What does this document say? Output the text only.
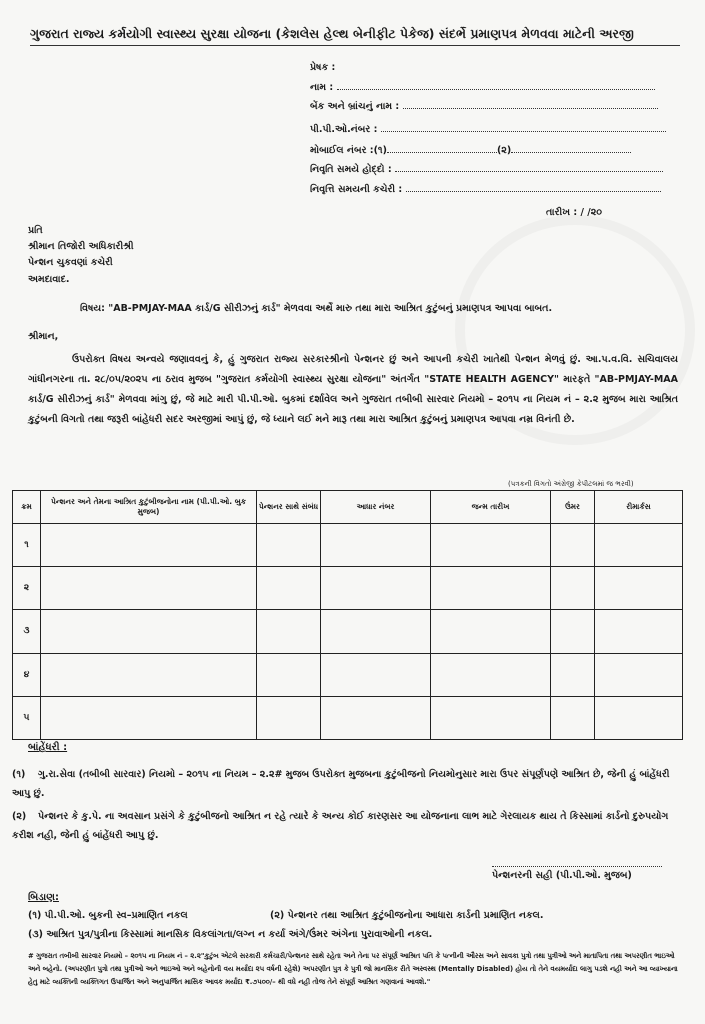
ગુજરાત રાજ્ય કર્મયોગી સ્વાસ્થ્ય સુરક્ષા યોજના (કેશલેસ હેલ્થ બેનીફીટ પેકેજ) સંદર્ભે પ્રમાણપત્ર મેળવવા માટેની અરજી
પ્રેષક :
નામ :
બેંક અને બ્રાંચનું નામ :
પી.પી.ઓ.નંબર :
મોબાઈલ નંબર :(૧)	(૨)
નિવૃતિ સમયે હોદ્દો :
નિવૃત્તિ સમયની કચેરી :
તારીખ : / /૨૦
પ્રતિ
શ્રીમાન તિજોરી અધિકારીશ્રી
પેન્શન ચુકવણાં કચેરી
અમદાવાદ.
વિષય: "AB-PMJAY-MAA કાર્ડ/G સીરીઝનું કાર્ડ" મેળવવા અર્થે મારુ તથા મારા આશ્રિત કુટુંબનું પ્રમાણપત્ર આપવા બાબત.
શ્રીમાન,
ઉપરોક્ત વિષય અન્વયે જણાવવનું કે, હું ગુજરાત રાજ્ય સરકારશ્રીનો પેન્શનર છું અને આપની કચેરી ખાતેથી પેન્શન મેળવું છું. આ.પ.વ.વિ. સચિવાલય ગાંધીનગરના તા. ૨૮/૦૫/૨૦૨૫ ના ઠરાવ મુજબ "ગુજરાત કર્મયોગી સ્વાસ્થ્ય સુરક્ષા યોજના" અંતર્ગત "STATE HEALTH AGENCY" મારફતે "AB-PMJAY-MAA કાર્ડ/G સીરીઝનું કાર્ડ" મેળવવા માંગુ છું, જે માટે મારી પી.પી.ઓ. બુકમાં દર્શાવેલ અને ગુજરાત તબીબી સારવાર નિયમો – ૨૦૧૫ ના નિયમ નં – ૨.૨ મુજબ મારા આશ્રિત કુટુંબની વિગતો તથા જરૂરી બાંહેધરી સદર અરજીમાં આપું છું, જે ધ્યાને લઈ મને મારૂ તથા મારા આશ્રિત કુટુંબનું પ્રમાણપત્ર આપવા નમ્ર વિનંતી છે.
(પત્રકની વિગતો અંગ્રેજી કેપીટલમાં જ ભરવી)
ક્રમ	પેન્શનર અને તેમના આશ્રિત કુટુંબીજનોના નામ (પી.પી.ઓ. બુક મુજબ)	પેન્શનર સાથે સંબંધ	આધાર નંબર	જન્મ તારીખ	ઉંમર	રીમાર્કસ
૧						
૨						
૩						
૪						
૫						
બાંહેંધરી :
(૧) ગુ.રા.સેવા (તબીબી સારવાર) નિયમો – ૨૦૧૫ ના નિયમ – ૨.૨# મુજબ ઉપરોક્ત મુજબના કુટુંબીજનો નિયમોનુસાર મારા ઉપર સંપૂર્ણપણે આશ્રિત છે, જેની હું બાંહેંધરી આપુ છું.
(૨) પેન્શનર કે કુ.પે. ના અવસાન પ્રસંગે કે કુટુંબીજનો આશ્રિત ન રહે ત્યારે કે અન્ય કોઈ કારણસર આ યોજનાના લાભ માટે ગેરલાયક થાય તે કિસ્સામાં કાર્ડનો દુરુપયોગ કરીશ નહી, જેની હું બાંહેંધરી આપુ છું.
પેન્શનરની સહી (પી.પી.ઓ. મુજબ)
બિડાણ:
(૧) પી.પી.ઓ. બુકની સ્વ–પ્રમાણિત નકલ	(૨) પેન્શનર તથા આશ્રિત કુટુંબીજનોના આધારા કાર્ડની પ્રમાણિત નકલ.
(૩) આશ્રિત પુત્ર/પુત્રીના કિસ્સામાં માનસિક વિકલાંગતા/લગ્ન ન કર્યા અંગે/ઉંમર અંગેના પુરાવાઓની નકલ.
# ગુજરાત તબીબી સારવાર નિયમો – ૨૦૧૫ ના નિયમ નં – ૨.૨"કુટુંબ એટલે સરકારી કર્મચારી/પેન્શનર સાથે રહેતા અને તેના પર સંપૂર્ણ આશ્રિત પતિ કે પત્નીની ઔરસ અને સાવકા પુત્રો તથા પુત્રીઓ અને માતાપિતા તથા અપરણીત ભાઇઓ અને બહેનો. (અપરણીત પુત્રો તથા પુત્રીઓ અને ભાઇઓ અને બહેનોની વય મર્યાદા ૨૫ વર્ષની રહેશે) અપરણીત પુત્ર કે પુત્રી જો માનસિક રીતે અસ્વસ્થ (Mentally Disabled) હોય તો તેને વયમર્યાદા લાગુ પડશે નહી અને આ વ્યાખ્યાના હેતુ માટે વ્યક્તિની વ્યક્તિગત ઉપાર્જિત અને અનુપાર્જિત માસિક આવક મર્યાદા ₹.૭૫૦૦/– થી વધે નહી તોજ તેને સંપૂર્ણ આશ્રિત ગણવાનાં આવશે."
